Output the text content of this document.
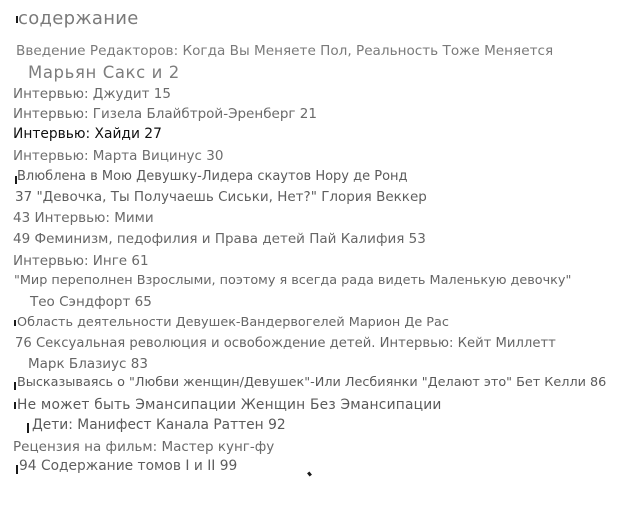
содержание
Введение Редакторов: Когда Вы Меняете Пол, Реальность Тоже Меняется
Марьян Сакс и 2
Интервью: Джудит 15
Интервью: Гизела Блайбтрой-Эренберг 21
Интервью: Хайди 27
Интервью: Марта Вицинус 30
Влюблена в Мою Девушку-Лидера скаутов Нору де Ронд
37 "Девочка, Ты Получаешь Сиськи, Нет?" Глория Веккер
43 Интервью: Мими
49 Феминизм, педофилия и Права детей Пай Калифия 53
Интервью: Инге 61
"Мир переполнен Взрослыми, поэтому я всегда рада видеть Маленькую девочку"
Тео Сэндфорт 65
Область деятельности Девушек-Вандервогелей Марион Де Рас
76 Сексуальная революция и освобождение детей. Интервью: Кейт Миллетт
Марк Блазиус 83
Высказываясь о "Любви женщин/Девушек"-Или Лесбиянки "Делают это" Бет Келли 86
Не может быть Эмансипации Женщин Без Эмансипации
Дети: Манифест Канала Раттен 92
Рецензия на фильм: Мастер кунг-фу
94 Содержание томов I и II 99
